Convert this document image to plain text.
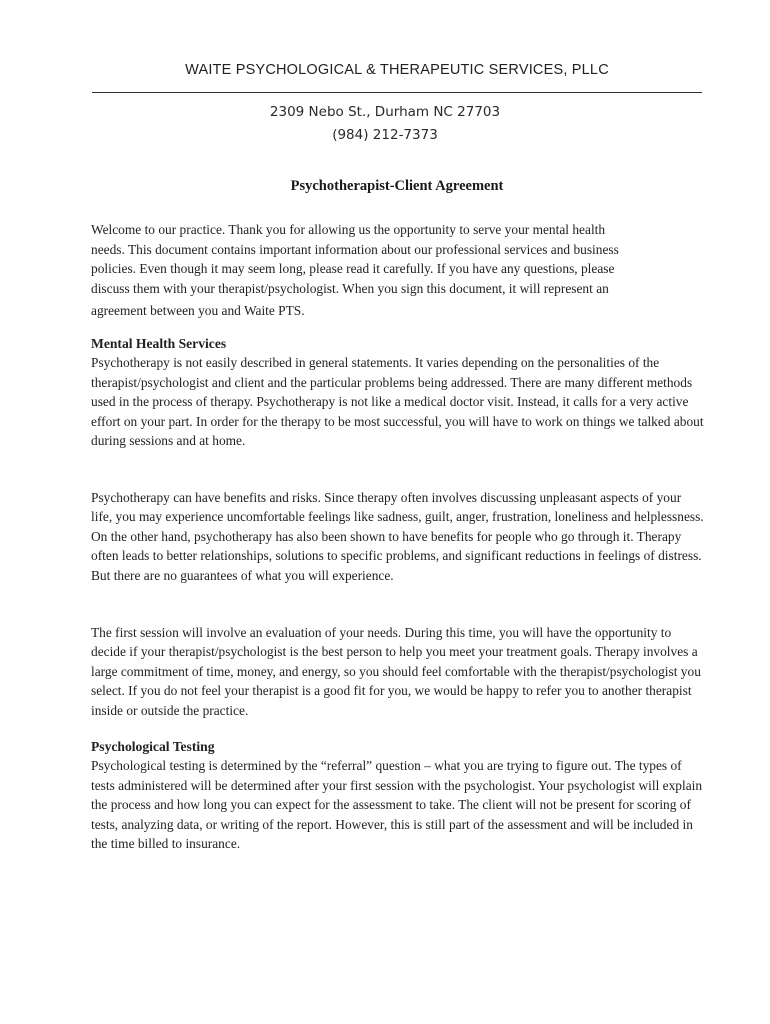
WAITE PSYCHOLOGICAL & THERAPEUTIC SERVICES, PLLC
2309 Nebo St., Durham NC 27703
(984) 212-7373
Psychotherapist-Client Agreement
Welcome to our practice. Thank you for allowing us the opportunity to serve your mental health
needs. This document contains important information about our professional services and business
policies. Even though it may seem long, please read it carefully. If you have any questions, please
discuss them with your therapist/psychologist. When you sign this document, it will represent an
agreement between you and Waite PTS.

Mental Health Services

Psychotherapy is not easily described in general statements. It varies depending on the personalities of the therapist/psychologist and client and the particular problems being addressed. There are many different methods used in the process of therapy. Psychotherapy is not like a medical doctor visit. Instead, it calls for a very active effort on your part. In order for the therapy to be most successful, you will have to work on things we talked about during sessions and at home.

Psychotherapy can have benefits and risks. Since therapy often involves discussing unpleasant aspects of your life, you may experience uncomfortable feelings like sadness, guilt, anger, frustration, loneliness and helplessness. On the other hand, psychotherapy has also been shown to have benefits for people who go through it. Therapy often leads to better relationships, solutions to specific problems, and significant reductions in feelings of distress. But there are no guarantees of what you will experience.

The first session will involve an evaluation of your needs. During this time, you will have the opportunity to decide if your therapist/psychologist is the best person to help you meet your treatment goals. Therapy involves a large commitment of time, money, and energy, so you should feel comfortable with the therapist/psychologist you select. If you do not feel your therapist is a good fit for you, we would be happy to refer you to another therapist inside or outside the practice.

Psychological Testing

Psychological testing is determined by the “referral” question – what you are trying to figure out. The types of tests administered will be determined after your first session with the psychologist. Your psychologist will explain the process and how long you can expect for the assessment to take. The client will not be present for scoring of tests, analyzing data, or writing of the report. However, this is still part of the assessment and will be included in the time billed to insurance.
